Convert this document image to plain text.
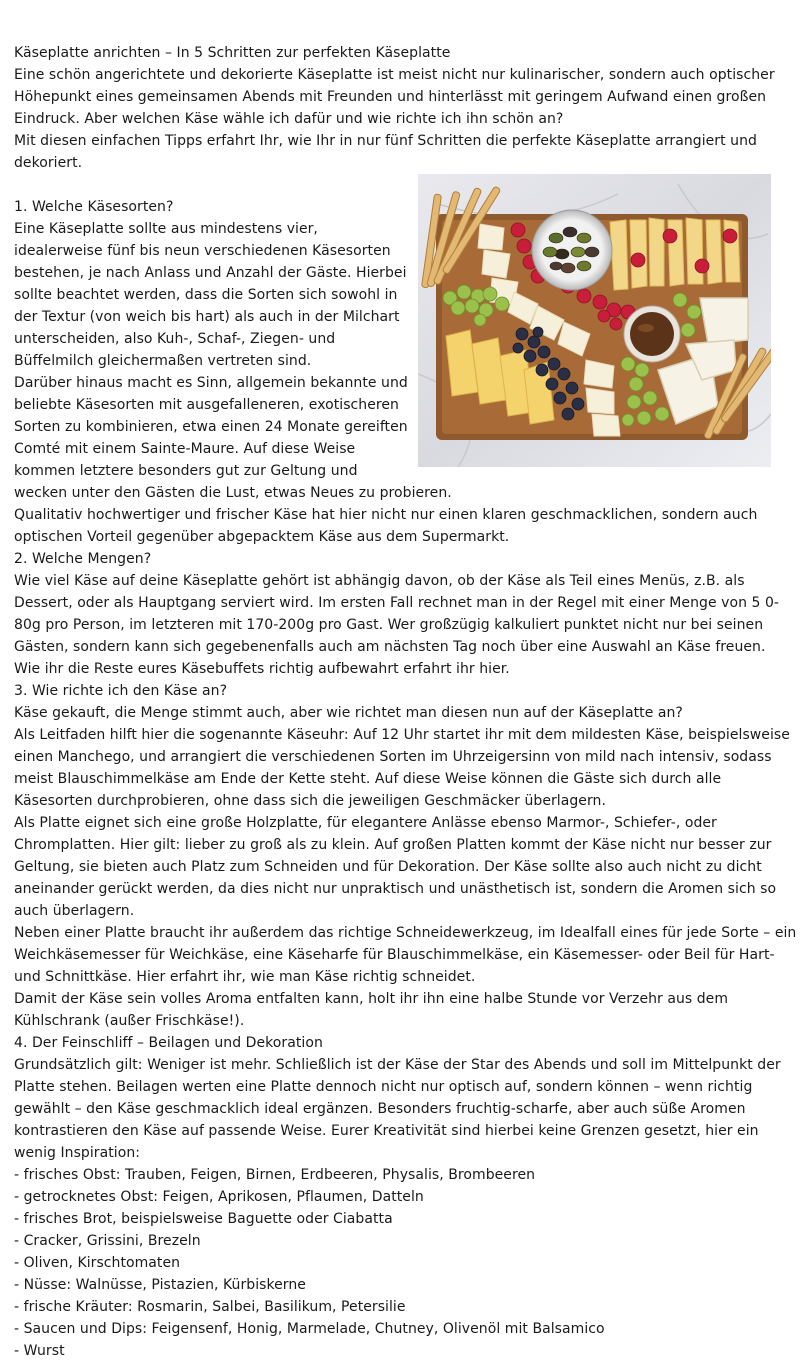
Käseplatte anrichten – In 5 Schritten zur perfekten Käseplatte

Eine schön angerichtete und dekorierte Käseplatte ist meist nicht nur kulinarischer, sondern auch optischer Höhepunkt eines gemeinsamen Abends mit Freunden und hinterlässt mit geringem Aufwand einen großen Eindruck. Aber welchen Käse wähle ich dafür und wie richte ich ihn schön an?

Mit diesen einfachen Tipps erfahrt Ihr, wie Ihr in nur fünf Schritten die perfekte Käseplatte arrangiert und dekoriert.

1. Welche Käsesorten?

Eine Käseplatte sollte aus mindestens vier, idealerweise fünf bis neun verschiedenen Käsesorten bestehen, je nach Anlass und Anzahl der Gäste. Hierbei sollte beachtet werden, dass die Sorten sich sowohl in der Textur (von weich bis hart) als auch in der Milchart unterscheiden, also Kuh-, Schaf-, Ziegen- und Büffelmilch gleichermaßen vertreten sind.

Darüber hinaus macht es Sinn, allgemein bekannte und beliebte Käsesorten mit ausgefalleneren, exotischeren Sorten zu kombinieren, etwa einen 24 Monate gereiften Comté mit einem Sainte-Maure. Auf diese Weise kommen letztere besonders gut zur Geltung und wecken unter den Gästen die Lust, etwas Neues zu probieren.

Qualitativ hochwertiger und frischer Käse hat hier nicht nur einen klaren geschmacklichen, sondern auch optischen Vorteil gegenüber abgepacktem Käse aus dem Supermarkt.

2. Welche Mengen?

Wie viel Käse auf deine Käseplatte gehört ist abhängig davon, ob der Käse als Teil eines Menüs, z.B. als Dessert, oder als Hauptgang serviert wird. Im ersten Fall rechnet man in der Regel mit einer Menge von 5 0-80g pro Person, im letzteren mit 170-200g pro Gast. Wer großzügig kalkuliert punktet nicht nur bei seinen Gästen, sondern kann sich gegebenenfalls auch am nächsten Tag noch über eine Auswahl an Käse freuen.

Wie ihr die Reste eures Käsebuffets richtig aufbewahrt erfahrt ihr hier.

3. Wie richte ich den Käse an?

Käse gekauft, die Menge stimmt auch, aber wie richtet man diesen nun auf der Käseplatte an?

Als Leitfaden hilft hier die sogenannte Käseuhr: Auf 12 Uhr startet ihr mit dem mildesten Käse, beispielsweise einen Manchego, und arrangiert die verschiedenen Sorten im Uhrzeigersinn von mild nach intensiv, sodass meist Blauschimmelkäse am Ende der Kette steht. Auf diese Weise können die Gäste sich durch alle Käsesorten durchprobieren, ohne dass sich die jeweiligen Geschmäcker überlagern.

Als Platte eignet sich eine große Holzplatte, für elegantere Anlässe ebenso Marmor-, Schiefer-, oder Chromplatten. Hier gilt: lieber zu groß als zu klein. Auf großen Platten kommt der Käse nicht nur besser zur Geltung, sie bieten auch Platz zum Schneiden und für Dekoration. Der Käse sollte also auch nicht zu dicht aneinander gerückt werden, da dies nicht nur unpraktisch und unästhetisch ist, sondern die Aromen sich so auch überlagern.

Neben einer Platte braucht ihr außerdem das richtige Schneidewerkzeug, im Idealfall eines für jede Sorte – ein Weichkäsemesser für Weichkäse, eine Käseharfe für Blauschimmelkäse, ein Käsemesser- oder Beil für Hart- und Schnittkäse. Hier erfahrt ihr, wie man Käse richtig schneidet.

Damit der Käse sein volles Aroma entfalten kann, holt ihr ihn eine halbe Stunde vor Verzehr aus dem Kühlschrank (außer Frischkäse!).

4. Der Feinschliff – Beilagen und Dekoration

Grundsätzlich gilt: Weniger ist mehr. Schließlich ist der Käse der Star des Abends und soll im Mittelpunkt der Platte stehen. Beilagen werten eine Platte dennoch nicht nur optisch auf, sondern können – wenn richtig gewählt – den Käse geschmacklich ideal ergänzen. Besonders fruchtig-scharfe, aber auch süße Aromen kontrastieren den Käse auf passende Weise. Eurer Kreativität sind hierbei keine Grenzen gesetzt, hier ein wenig Inspiration:

- frisches Obst: Trauben, Feigen, Birnen, Erdbeeren, Physalis, Brombeeren
- getrocknetes Obst: Feigen, Aprikosen, Pflaumen, Datteln
- frisches Brot, beispielsweise Baguette oder Ciabatta
- Cracker, Grissini, Brezeln
- Oliven, Kirschtomaten
- Nüsse: Walnüsse, Pistazien, Kürbiskerne
- frische Kräuter: Rosmarin, Salbei, Basilikum, Petersilie
- Saucen und Dips: Feigensenf, Honig, Marmelade, Chutney, Olivenöl mit Balsamico
- Wurst
